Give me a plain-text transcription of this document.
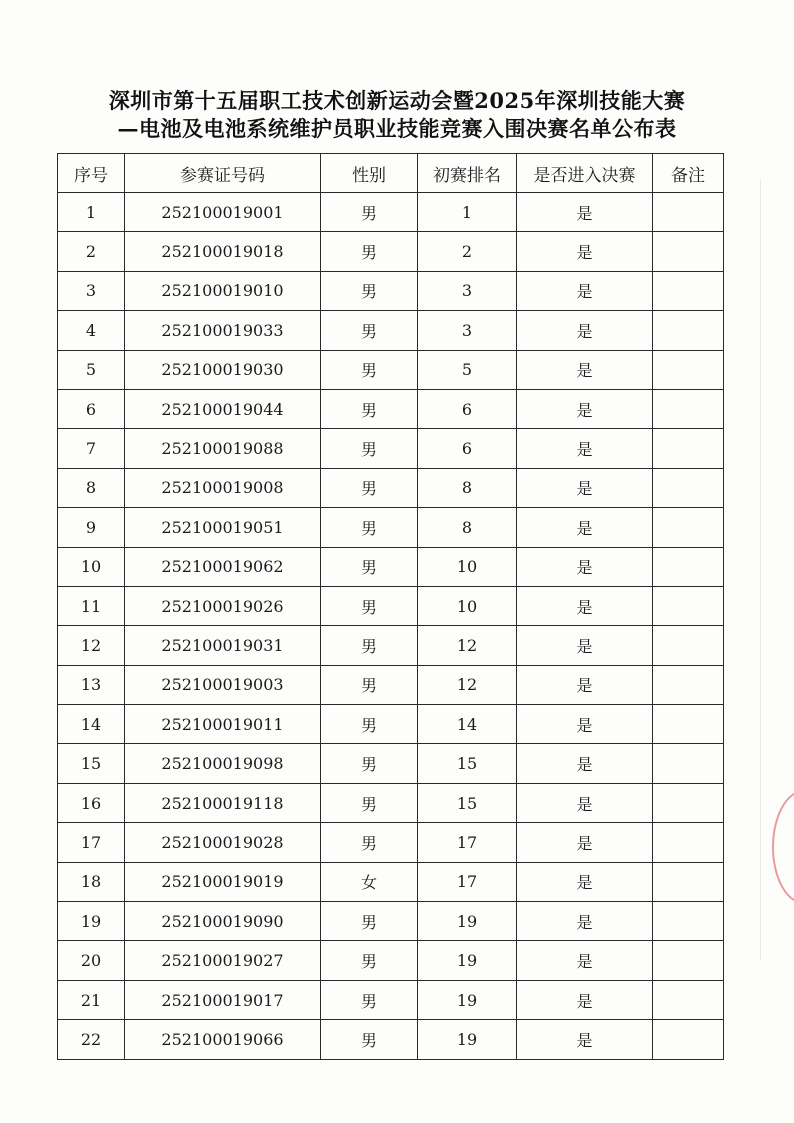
深圳市第十五届职工技术创新运动会暨2025年深圳技能大赛
—电池及电池系统维护员职业技能竞赛入围决赛名单公布表
序号	参赛证号码	性别	初赛排名	是否进入决赛	备注
1	252100019001	男	1	是	
2	252100019018	男	2	是	
3	252100019010	男	3	是	
4	252100019033	男	3	是	
5	252100019030	男	5	是	
6	252100019044	男	6	是	
7	252100019088	男	6	是	
8	252100019008	男	8	是	
9	252100019051	男	8	是	
10	252100019062	男	10	是	
11	252100019026	男	10	是	
12	252100019031	男	12	是	
13	252100019003	男	12	是	
14	252100019011	男	14	是	
15	252100019098	男	15	是	
16	252100019118	男	15	是	
17	252100019028	男	17	是	
18	252100019019	女	17	是	
19	252100019090	男	19	是	
20	252100019027	男	19	是	
21	252100019017	男	19	是	
22	252100019066	男	19	是	
